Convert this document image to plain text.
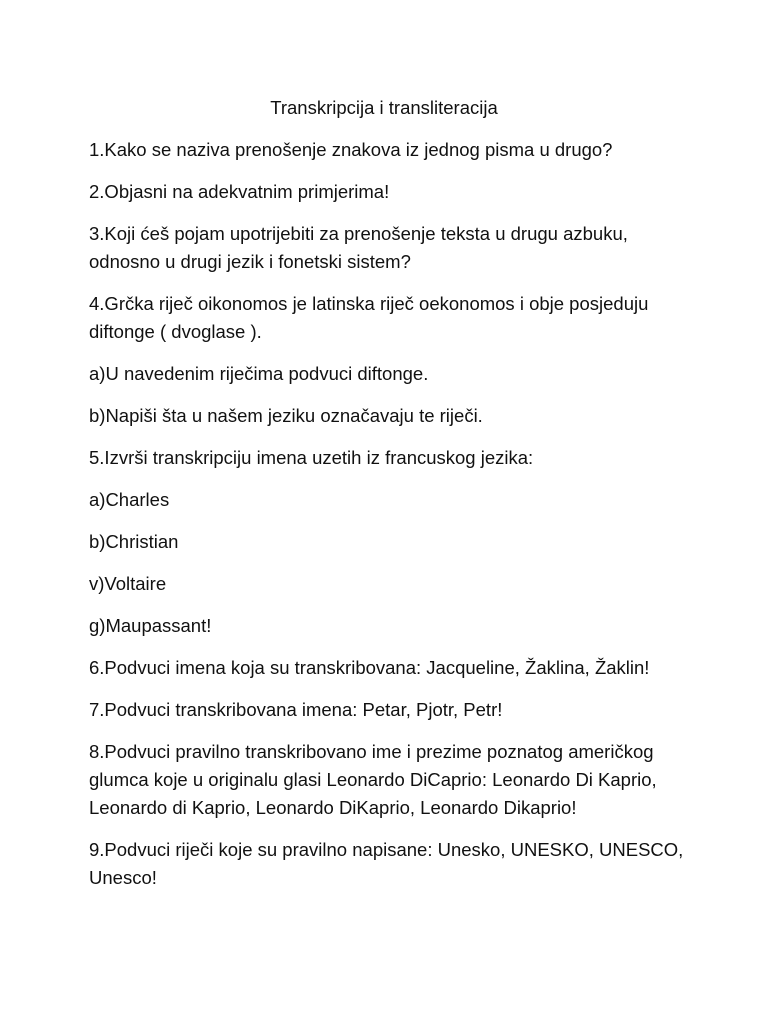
Transkripcija i transliteracija

1.Kako se naziva prenošenje znakova iz jednog pisma u drugo?

2.Objasni na adekvatnim primjerima!

3.Koji ćeš pojam upotrijebiti za prenošenje teksta u drugu azbuku,
odnosno u drugi jezik i fonetski sistem?

4.Grčka riječ oikonomos je latinska riječ oekonomos i obje posjeduju
diftonge ( dvoglase ).

a)U navedenim riječima podvuci diftonge.

b)Napiši šta u našem jeziku označavaju te riječi.

5.Izvrši transkripciju imena uzetih iz francuskog jezika:

a)Charles

b)Christian

v)Voltaire

g)Maupassant!

6.Podvuci imena koja su transkribovana: Jacqueline, Žaklina, Žaklin!

7.Podvuci transkribovana imena: Petar, Pjotr, Petr!

8.Podvuci pravilno transkribovano ime i prezime poznatog američkog
glumca koje u originalu glasi Leonardo DiCaprio: Leonardo Di Kaprio,
Leonardo di Kaprio, Leonardo DiKaprio, Leonardo Dikaprio!

9.Podvuci riječi koje su pravilno napisane: Unesko, UNESKO, UNESCO,
Unesco!
